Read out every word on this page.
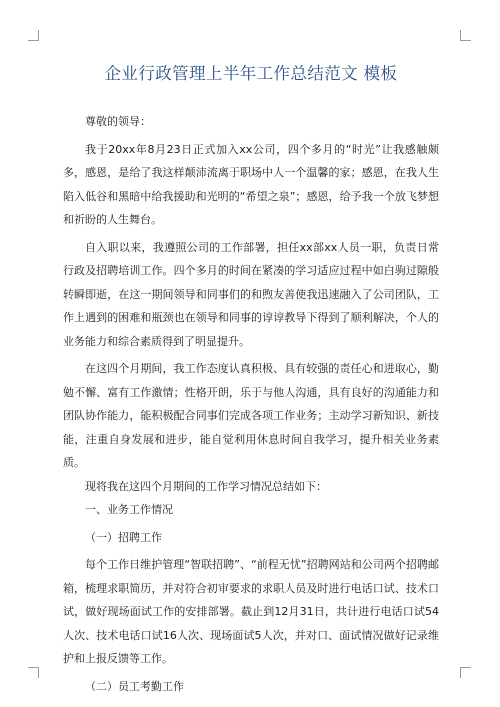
企业行政管理上半年工作总结范文 模板

尊敬的领导：

我于20xx年8月23日正式加入xx公司，四个多月的“时光”让我感触颇多，感恩，是给了我这样颠沛流离于职场中人一个温馨的家；感恩，在我人生陷入低谷和黑暗中给我援助和光明的“希望之泉”；感恩，给予我一个放飞梦想和祈盼的人生舞台。

自入职以来，我遵照公司的工作部署，担任xx部xx人员一职，负责日常行政及招聘培训工作。四个多月的时间在紧凑的学习适应过程中如白驹过隙般转瞬即逝，在这一期间领导和同事们的和煦友善使我迅速融入了公司团队，工作上遇到的困难和瓶颈也在领导和同事的谆谆教导下得到了顺利解决，个人的业务能力和综合素质得到了明显提升。

在这四个月期间，我工作态度认真积极、具有较强的责任心和进取心，勤勉不懈、富有工作激情；性格开朗，乐于与他人沟通，具有良好的沟通能力和团队协作能力，能积极配合同事们完成各项工作业务；主动学习新知识、新技能，注重自身发展和进步，能自觉利用休息时间自我学习，提升相关业务素质。

现将我在这四个月期间的工作学习情况总结如下：

一、业务工作情况

（一）招聘工作

每个工作日维护管理“智联招聘”、“前程无忧”招聘网站和公司两个招聘邮箱，梳理求职简历，并对符合初审要求的求职人员及时进行电话口试、技术口试，做好现场面试工作的安排部署。截止到12月31日，共计进行电话口试54人次、技术电话口试16人次、现场面试5人次，并对口、面试情况做好记录维护和上报反馈等工作。

（二）员工考勤工作
